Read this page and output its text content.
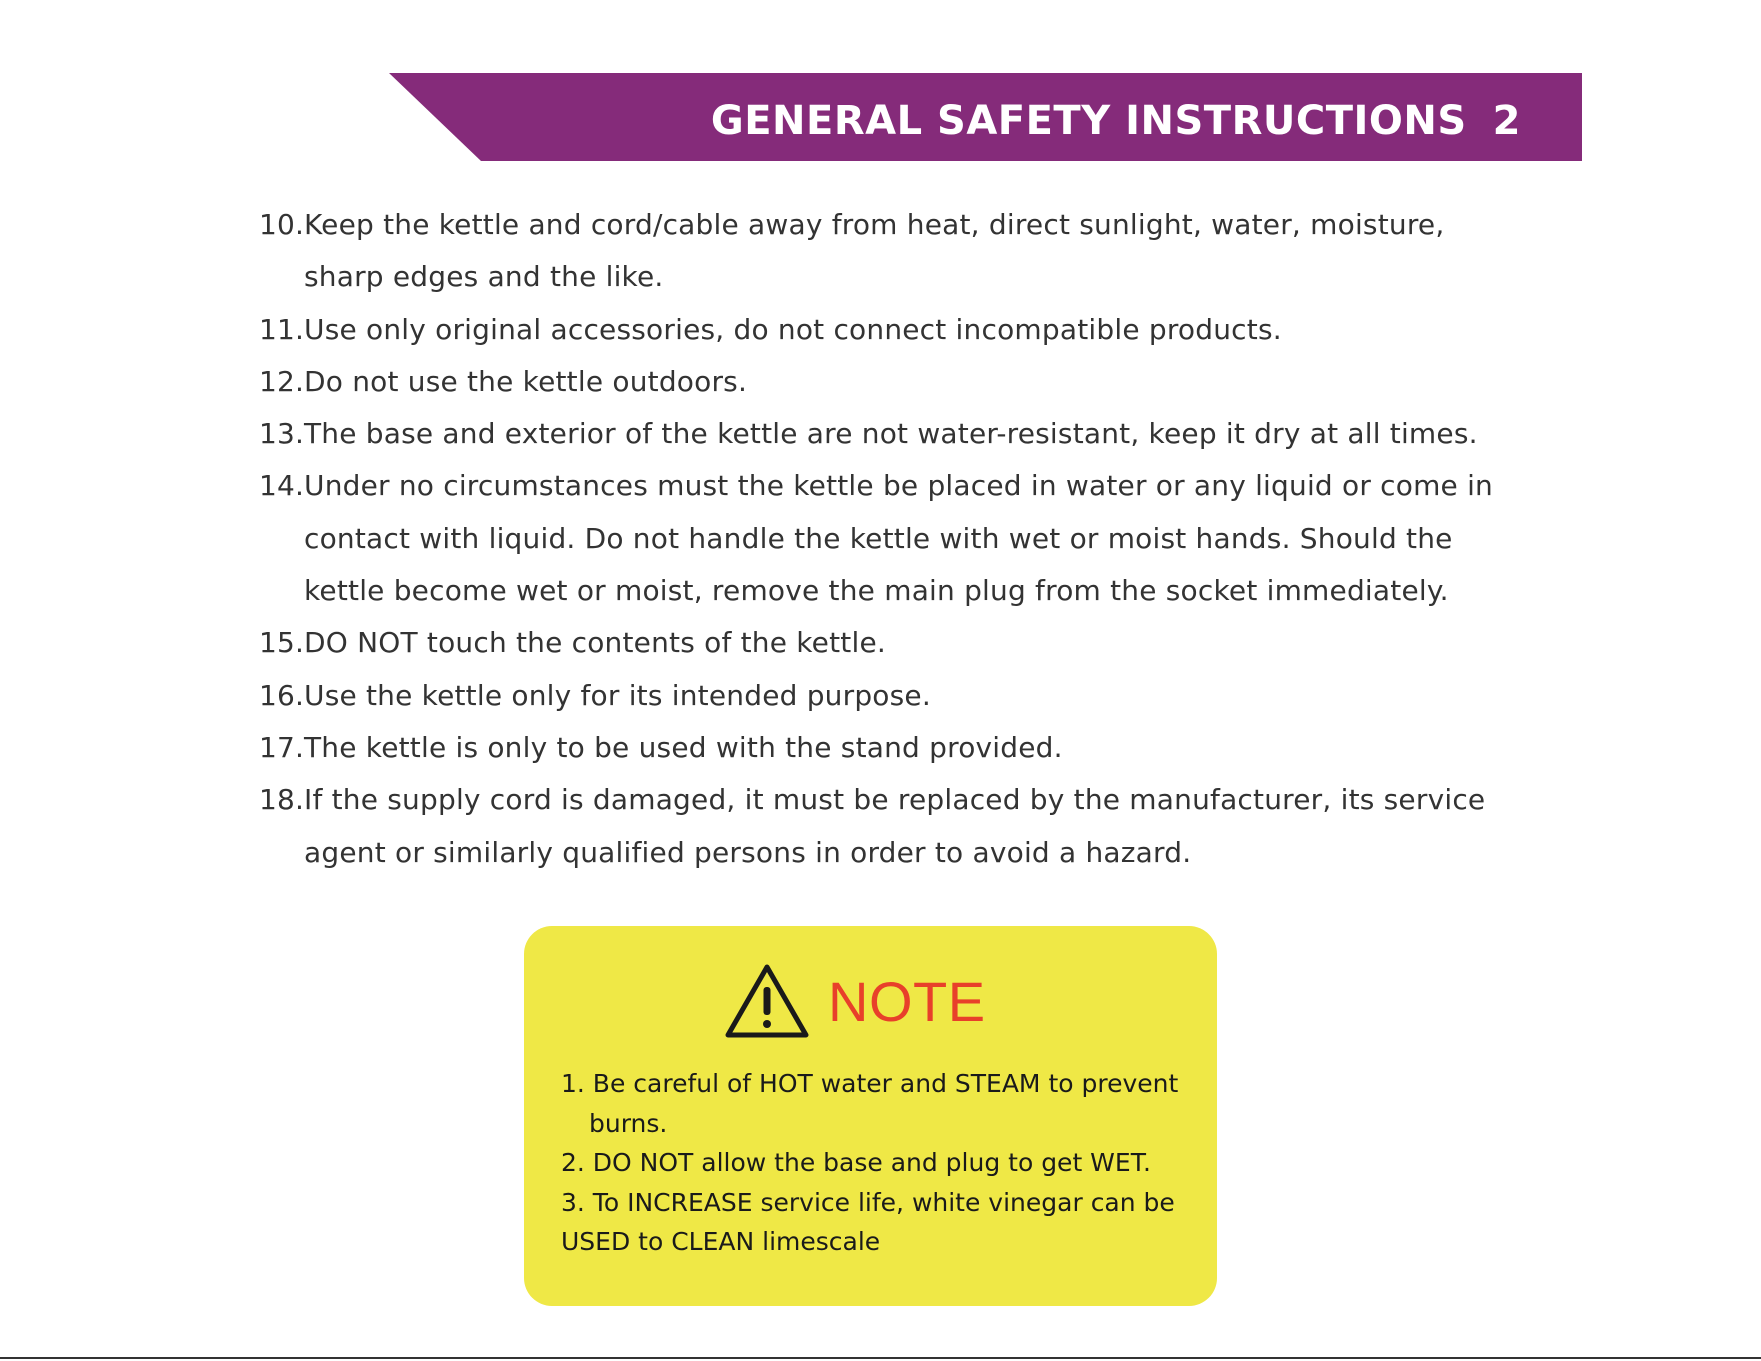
GENERAL SAFETY INSTRUCTIONS 2
10. Keep the kettle and cord/cable away from heat, direct sunlight, water, moisture,
sharp edges and the like.
11. Use only original accessories, do not connect incompatible products.
12. Do not use the kettle outdoors.
13. The base and exterior of the kettle are not water-resistant, keep it dry at all times.
14. Under no circumstances must the kettle be placed in water or any liquid or come in
contact with liquid. Do not handle the kettle with wet or moist hands. Should the
kettle become wet or moist, remove the main plug from the socket immediately.
15. DO NOT touch the contents of the kettle.
16. Use the kettle only for its intended purpose.
17. The kettle is only to be used with the stand provided.
18. If the supply cord is damaged, it must be replaced by the manufacturer, its service
agent or similarly qualified persons in order to avoid a hazard.
NOTE
1. Be careful of HOT water and STEAM to prevent
burns.
2. DO NOT allow the base and plug to get WET.
3. To INCREASE service life, white vinegar can be
USED to CLEAN limescale
